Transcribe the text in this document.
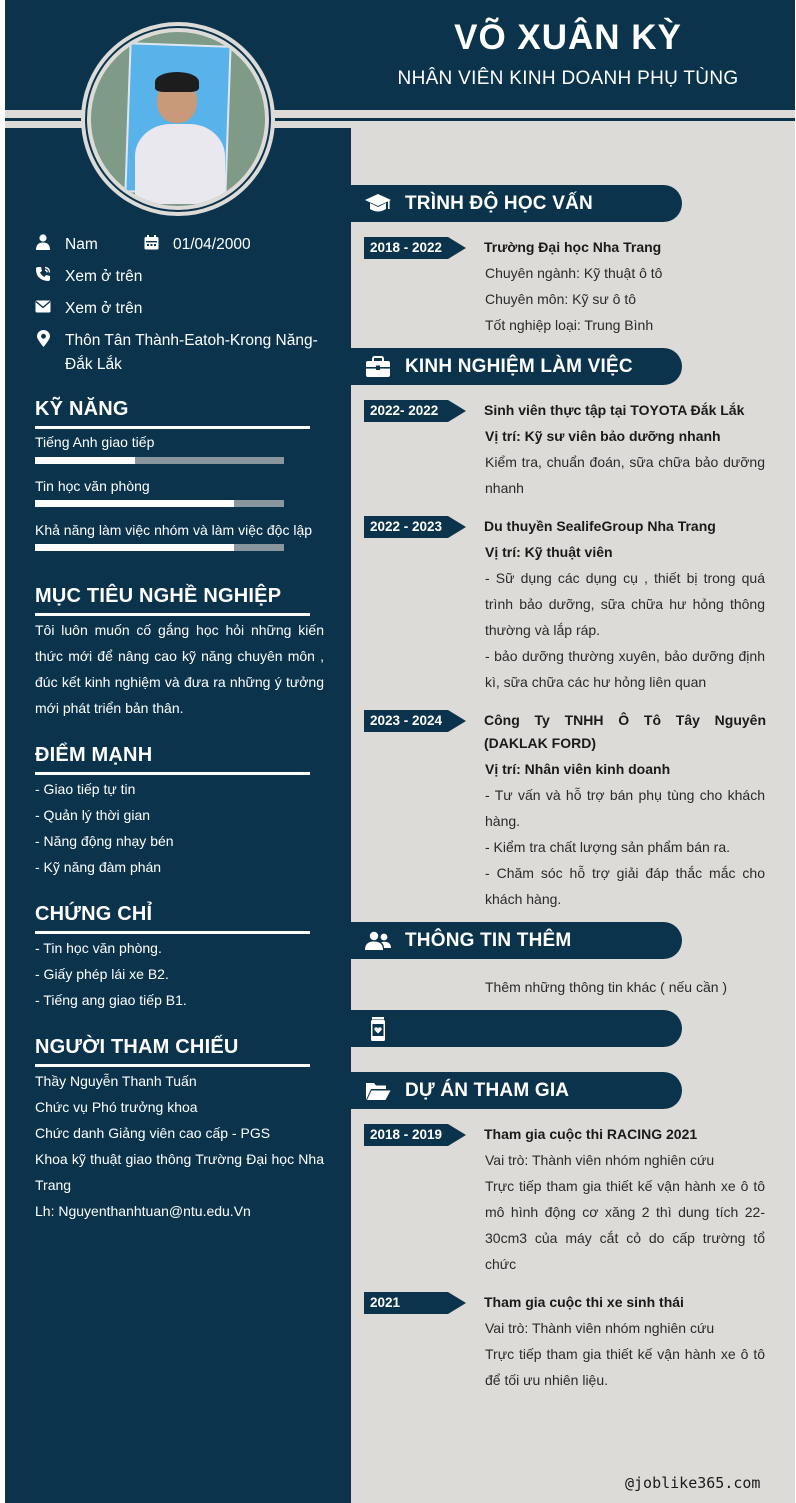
VÕ XUÂN KỲ
NHÂN VIÊN KINH DOANH PHỤ TÙNG
Nam	01/04/2000
Xem ở trên
Xem ở trên
Thôn Tân Thành-Eatoh-Krong Năng-
Đắk Lắk
KỸ NĂNG
Tiếng Anh giao tiếp
Tin học văn phòng
Khả năng làm việc nhóm và làm việc độc lập
MỤC TIÊU NGHỀ NGHIỆP
Tôi luôn muốn cố gắng học hỏi những kiến thức mới để nâng cao kỹ năng chuyên môn , đúc kết kinh nghiệm và đưa ra những ý tưởng mới phát triển bản thân.
ĐIỂM MẠNH
- Giao tiếp tự tin
- Quản lý thời gian
- Năng động nhạy bén
- Kỹ năng đàm phán
CHỨNG CHỈ
- Tin học văn phòng.
- Giấy phép lái xe B2.
- Tiếng ang giao tiếp B1.
NGƯỜI THAM CHIẾU
Thầy Nguyễn Thanh Tuấn
Chức vụ Phó trưởng khoa
Chức danh Giảng viên cao cấp - PGS
Khoa kỹ thuật giao thông Trường Đại học Nha Trang
Lh: Nguyenthanhtuan@ntu.edu.Vn
TRÌNH ĐỘ HỌC VẤN
2018 - 2022	Trường Đại học Nha Trang
Chuyên ngành: Kỹ thuật ô tô
Chuyên môn: Kỹ sư ô tô
Tốt nghiệp loại: Trung Bình
KINH NGHIỆM LÀM VIỆC
2022- 2022	Sinh viên thực tập tại TOYOTA Đắk Lắk
Vị trí: Kỹ sư viên bảo dưỡng nhanh
Kiểm tra, chuẩn đoán, sữa chữa bảo dưỡng nhanh
2022 - 2023	Du thuyền SealifeGroup Nha Trang
Vị trí: Kỹ thuật viên
- Sữ dụng các dụng cụ , thiết bị trong quá trình bảo dưỡng, sữa chữa hư hỏng thông thường và lắp ráp.
- bảo dưỡng thường xuyên, bảo dưỡng định kì, sữa chữa các hư hỏng liên quan
2023 - 2024	Công Ty TNHH Ô Tô Tây Nguyên (DAKLAK FORD)
Vị trí: Nhân viên kinh doanh
- Tư vấn và hỗ trợ bán phụ tùng cho khách hàng.
- Kiểm tra chất lượng sản phẩm bán ra.
- Chăm sóc hỗ trợ giải đáp thắc mắc cho khách hàng.
THÔNG TIN THÊM
Thêm những thông tin khác ( nếu cần )
DỰ ÁN THAM GIA
2018 - 2019	Tham gia cuộc thi RACING 2021
Vai trò: Thành viên nhóm nghiên cứu
Trực tiếp tham gia thiết kế vận hành xe ô tô mô hình động cơ xăng 2 thì dung tích 22-30cm3 của máy cắt cỏ do cấp trường tổ chức
2021	Tham gia cuộc thi xe sinh thái
Vai trò: Thành viên nhóm nghiên cứu
Trực tiếp tham gia thiết kế vận hành xe ô tô để tối ưu nhiên liệu.
@joblike365.com
